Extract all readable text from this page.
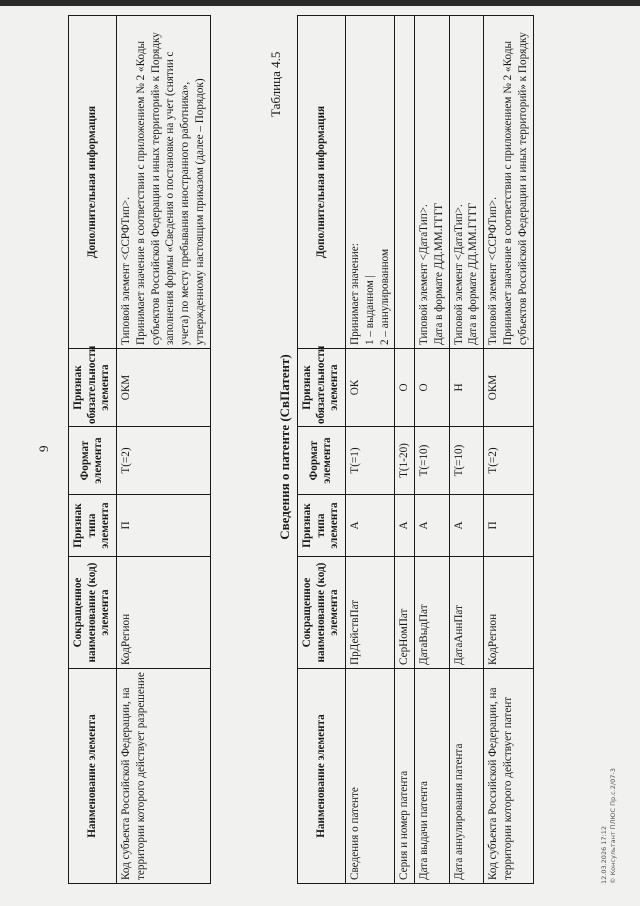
9
Наименование элемента	Сокращенное наименование (код) элемента	Признак типа элемента	Формат элемента	Признак обязательности элемента	Дополнительная информация
Код субъекта Российской Федерации, на территории которого действует разрешение	КодРегион	П	T(=2)	ОКМ	Типовой элемент <ССРФТип>. Принимает значение в соответствии с приложением № 2 «Коды субъектов Российской Федерации и иных территорий» к Порядку заполнения формы «Сведения о постановке на учет (снятии с учета) по месту пребывания иностранного работника», утвержденному настоящим приказом (далее – Порядок)	Таблица 4.5
Сведения о патенте (СвПатент)
Наименование элемента	Сокращенное наименование (код) элемента	Признак типа элемента	Формат элемента	Признак обязательности элемента	Дополнительная информация
Сведения о патенте	ПрДействПат	А	T(=1)	ОК	Принимает значение: 1 – выданном | 2 – аннулированном

Серия и номер патента	СерНомПат	А	T(1-20)	О	
Дата выдачи патента	ДатаВыдПат	А	T(=10)	О	Типовой элемент <ДатаТип>. Дата в формате ДД.ММ.ГГГГ

Дата аннулирования патента	ДатаАннПат	А	T(=10)	Н	Типовой элемент <ДатаТип>. Дата в формате ДД.ММ.ГГГГ

Код субъекта Российской Федерации, на территории которого действует патент	КодРегион	П	T(=2)	ОКМ	Типовой элемент <ССРФТип>. Принимает значение в соответствии с приложением № 2 «Коды субъектов Российской Федерации и иных территорий» к Порядку
12.03.2026 17:12 © Консультант ПЛЮС Пр.с.2/07-3
